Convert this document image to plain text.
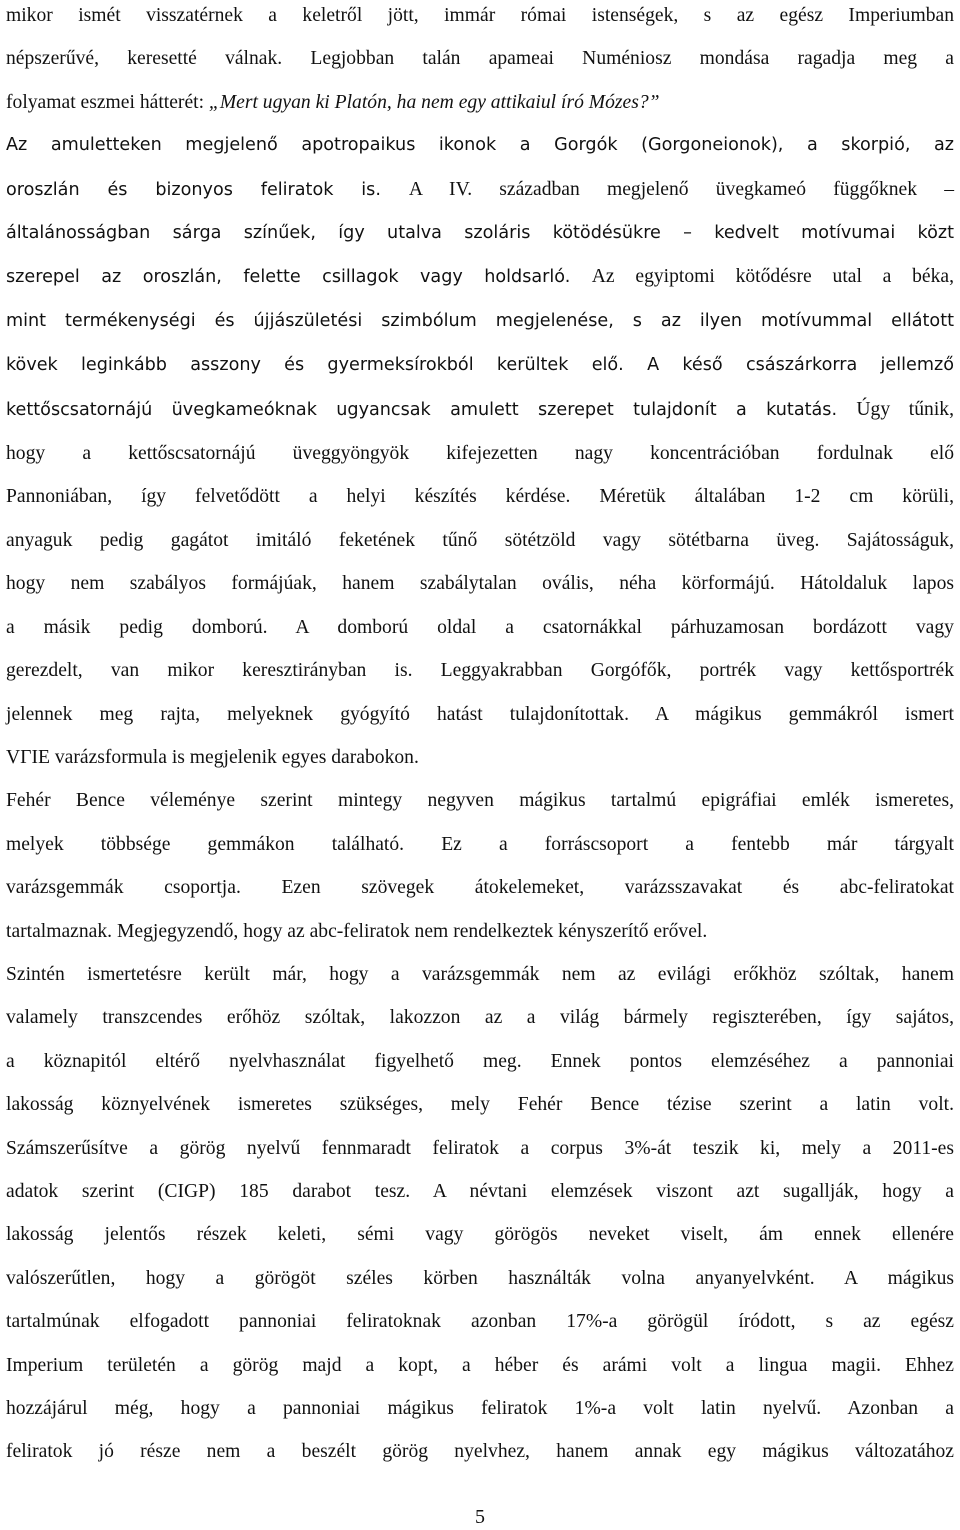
mikor ismét visszatérnek a keletről jött, immár római istenségek, s az egész Imperiumban
népszerűvé, keresetté válnak. Legjobban talán apameai Numéniosz mondása ragadja meg a
folyamat eszmei hátterét: „Mert ugyan ki Platón, ha nem egy attikaiul író Mózes?”
Az amuletteken megjelenő apotropaikus ikonok a Gorgók (Gorgoneionok), a skorpió, az
oroszlán és bizonyos feliratok is. A IV. században megjelenő üvegkameó függőknek –
általánosságban sárga színűek, így utalva szoláris kötödésükre – kedvelt motívumai közt
szerepel az oroszlán, felette csillagok vagy holdsarló. Az egyiptomi kötődésre utal a béka,
mint termékenységi és újjászületési szimbólum megjelenése, s az ilyen motívummal ellátott
kövek leginkább asszony és gyermeksírokból kerültek elő. A késő császárkorra jellemző
kettőscsatornájú üvegkameóknak ugyancsak amulett szerepet tulajdonít a kutatás. Úgy tűnik,
hogy a kettőscsatornájú üveggyöngyök kifejezetten nagy koncentrációban fordulnak elő
Pannoniában, így felvetődött a helyi készítés kérdése. Méretük általában 1-2 cm körüli,
anyaguk pedig gagátot imitáló feketének tűnő sötétzöld vagy sötétbarna üveg. Sajátosságuk,
hogy nem szabályos formájúak, hanem szabálytalan ovális, néha körformájú. Hátoldaluk lapos
a másik pedig domború. A domború oldal a csatornákkal párhuzamosan bordázott vagy
gerezdelt, van mikor keresztirányban is. Leggyakrabban Gorgófők, portrék vagy kettősportrék
jelennek meg rajta, melyeknek gyógyító hatást tulajdonítottak. A mágikus gemmákról ismert
VΓIE varázsformula is megjelenik egyes darabokon.
Fehér Bence véleménye szerint mintegy negyven mágikus tartalmú epigráfiai emlék ismeretes,
melyek többsége gemmákon található. Ez a forráscsoport a fentebb már tárgyalt
varázsgemmák csoportja. Ezen szövegek átokelemeket, varázsszavakat és abc-feliratokat
tartalmaznak. Megjegyzendő, hogy az abc-feliratok nem rendelkeztek kényszerítő erővel.
Szintén ismertetésre került már, hogy a varázsgemmák nem az evilági erőkhöz szóltak, hanem
valamely transzcendes erőhöz szóltak, lakozzon az a világ bármely regiszterében, így sajátos,
a köznapitól eltérő nyelvhasználat figyelhető meg. Ennek pontos elemzéséhez a pannoniai
lakosság köznyelvének ismeretes szükséges, mely Fehér Bence tézise szerint a latin volt.
Számszerűsítve a görög nyelvű fennmaradt feliratok a corpus 3%-át teszik ki, mely a 2011-es
adatok szerint (CIGP) 185 darabot tesz. A névtani elemzések viszont azt sugallják, hogy a
lakosság jelentős részek keleti, sémi vagy görögös neveket viselt, ám ennek ellenére
valószerűtlen, hogy a görögöt széles körben használták volna anyanyelvként. A mágikus
tartalmúnak elfogadott pannoniai feliratoknak azonban 17%-a görögül íródott, s az egész
Imperium területén a görög majd a kopt, a héber és arámi volt a lingua magii. Ehhez
hozzájárul még, hogy a pannoniai mágikus feliratok 1%-a volt latin nyelvű. Azonban a
feliratok jó része nem a beszélt görög nyelvhez, hanem annak egy mágikus változatához
5
